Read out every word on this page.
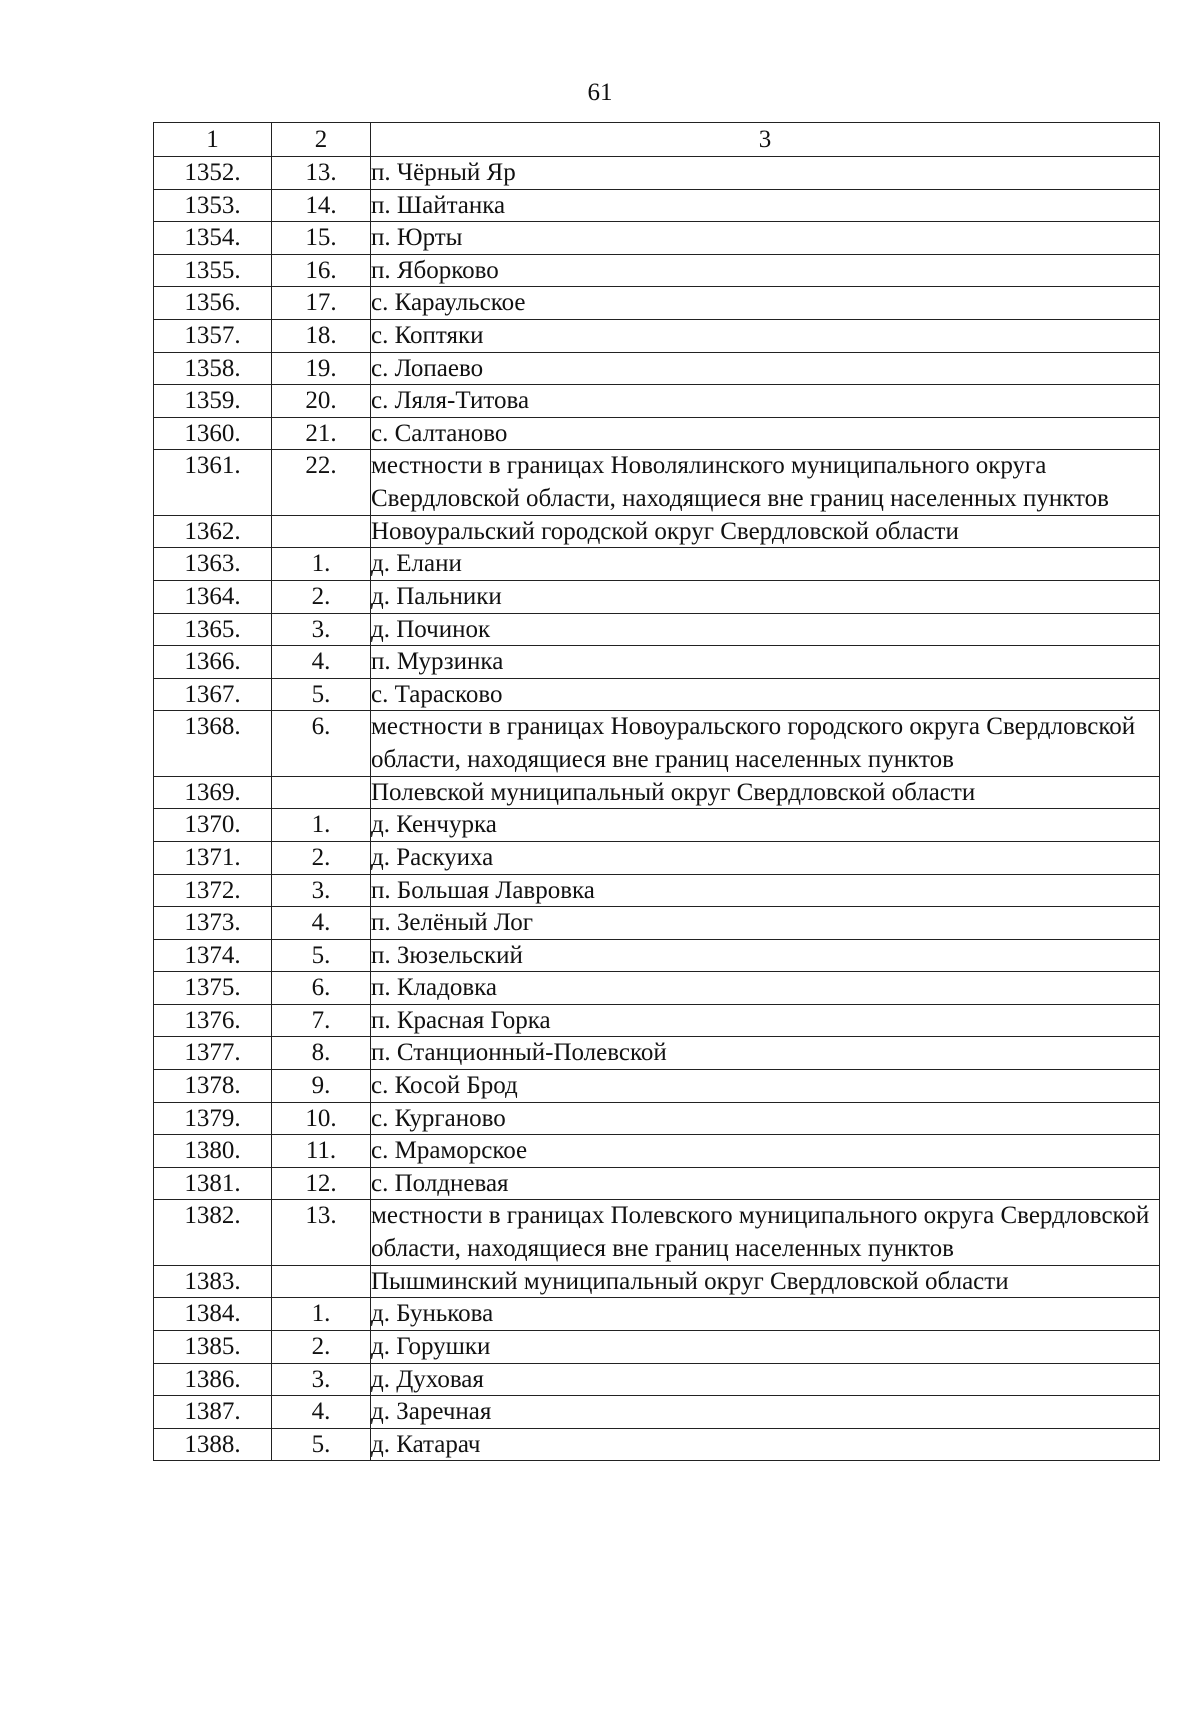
61
1	2	3
1352.	13.	п. Чёрный Яр
1353.	14.	п. Шайтанка
1354.	15.	п. Юрты
1355.	16.	п. Яборково
1356.	17.	с. Караульское
1357.	18.	с. Коптяки
1358.	19.	с. Лопаево
1359.	20.	с. Ляля-Титова
1360.	21.	с. Салтаново
1361.	22.	местности в границах Новолялинского муниципального округа Свердловской области, находящиеся вне границ населенных пунктов
1362.		Новоуральский городской округ Свердловской области
1363.	1.	д. Елани
1364.	2.	д. Пальники
1365.	3.	д. Починок
1366.	4.	п. Мурзинка
1367.	5.	с. Тарасково
1368.	6.	местности в границах Новоуральского городского округа Свердловской области, находящиеся вне границ населенных пунктов
1369.		Полевской муниципальный округ Свердловской области
1370.	1.	д. Кенчурка
1371.	2.	д. Раскуиха
1372.	3.	п. Большая Лавровка
1373.	4.	п. Зелёный Лог
1374.	5.	п. Зюзельский
1375.	6.	п. Кладовка
1376.	7.	п. Красная Горка
1377.	8.	п. Станционный-Полевской
1378.	9.	с. Косой Брод
1379.	10.	с. Курганово
1380.	11.	с. Мраморское
1381.	12.	с. Полдневая
1382.	13.	местности в границах Полевского муниципального округа Свердловской области, находящиеся вне границ населенных пунктов
1383.		Пышминский муниципальный округ Свердловской области
1384.	1.	д. Бунькова
1385.	2.	д. Горушки
1386.	3.	д. Духовая
1387.	4.	д. Заречная
1388.	5.	д. Катарач
